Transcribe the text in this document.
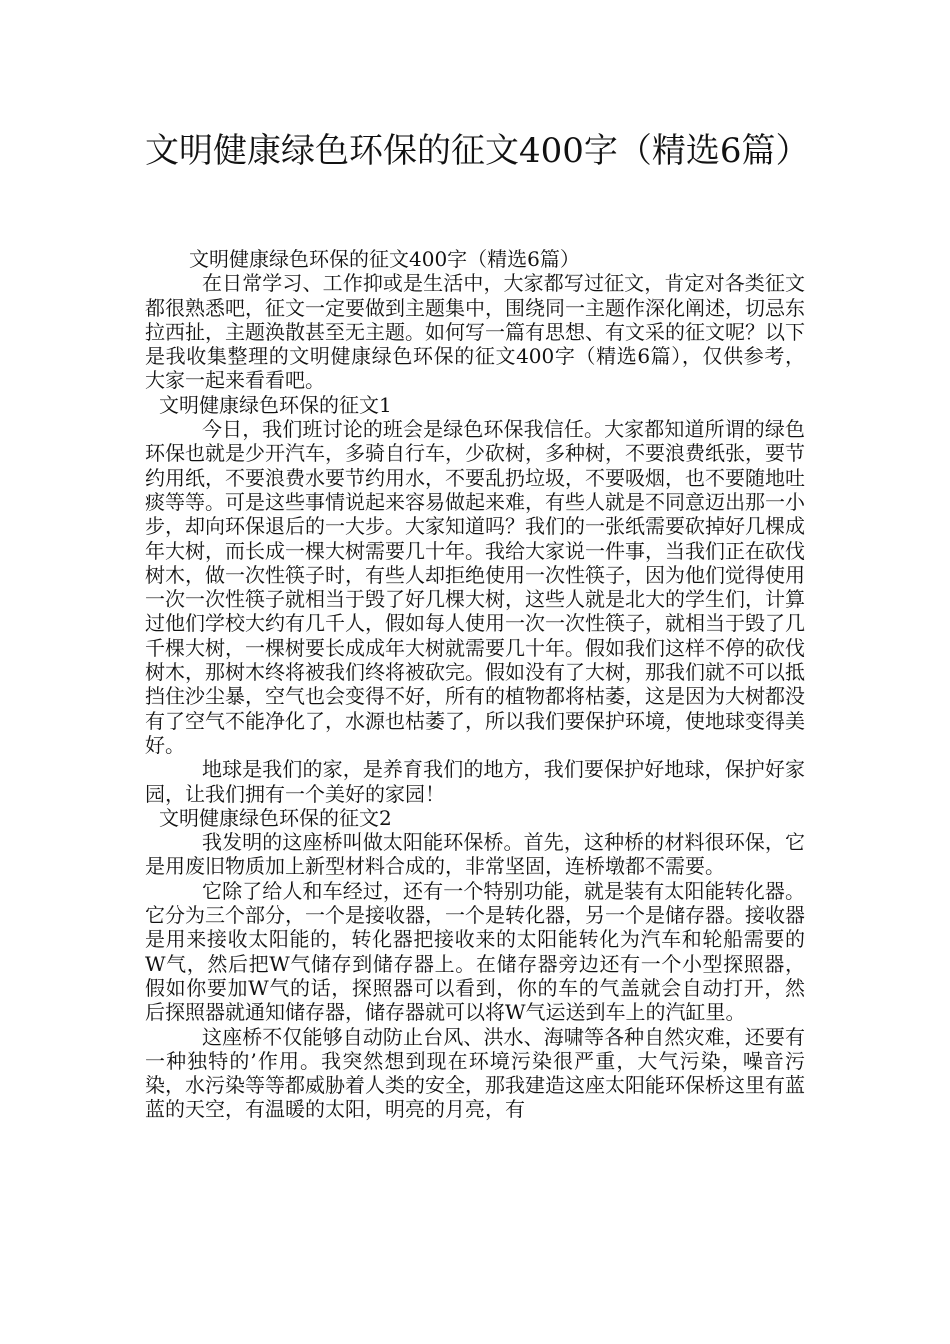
文明健康绿色环保的征文400字（精选6篇）

文明健康绿色环保的征文400字（精选6篇）

在日常学习、工作抑或是生活中，大家都写过征文，肯定对各类征文都很熟悉吧，征文一定要做到主题集中，围绕同一主题作深化阐述，切忌东拉西扯，主题涣散甚至无主题。如何写一篇有思想、有文采的征文呢？以下是我收集整理的文明健康绿色环保的征文400字（精选6篇），仅供参考，大家一起来看看吧。

文明健康绿色环保的征文1

今日，我们班讨论的班会是绿色环保我信任。大家都知道所谓的绿色环保也就是少开汽车，多骑自行车，少砍树，多种树，不要浪费纸张，要节约用纸，不要浪费水要节约用水，不要乱扔垃圾，不要吸烟，也不要随地吐痰等等。可是这些事情说起来容易做起来难，有些人就是不同意迈出那一小步，却向环保退后的一大步。大家知道吗？我们的一张纸需要砍掉好几棵成年大树，而长成一棵大树需要几十年。我给大家说一件事，当我们正在砍伐树木，做一次性筷子时，有些人却拒绝使用一次性筷子，因为他们觉得使用一次一次性筷子就相当于毁了好几棵大树，这些人就是北大的学生们，计算过他们学校大约有几千人，假如每人使用一次一次性筷子，就相当于毁了几千棵大树，一棵树要长成成年大树就需要几十年。假如我们这样不停的砍伐树木，那树木终将被我们终将被砍完。假如没有了大树，那我们就不可以抵挡住沙尘暴，空气也会变得不好，所有的植物都将枯萎，这是因为大树都没有了空气不能净化了，水源也枯萎了，所以我们要保护环境，使地球变得美好。

地球是我们的家，是养育我们的地方，我们要保护好地球，保护好家园，让我们拥有一个美好的家园！

文明健康绿色环保的征文2

我发明的这座桥叫做太阳能环保桥。首先，这种桥的材料很环保，它是用废旧物质加上新型材料合成的，非常坚固，连桥墩都不需要。

它除了给人和车经过，还有一个特别功能，就是装有太阳能转化器。它分为三个部分，一个是接收器，一个是转化器，另一个是储存器。接收器是用来接收太阳能的，转化器把接收来的太阳能转化为汽车和轮船需要的W气，然后把W气储存到储存器上。在储存器旁边还有一个小型探照器，假如你要加W气的话，探照器可以看到，你的车的气盖就会自动打开，然后探照器就通知储存器，储存器就可以将W气运送到车上的汽缸里。

这座桥不仅能够自动防止台风、洪水、海啸等各种自然灾难，还要有一种独特的’作用。我突然想到现在环境污染很严重，大气污染，噪音污染，水污染等等都威胁着人类的安全，那我建造这座太阳能环保桥这里有蓝蓝的天空，有温暖的太阳，明亮的月亮，有
